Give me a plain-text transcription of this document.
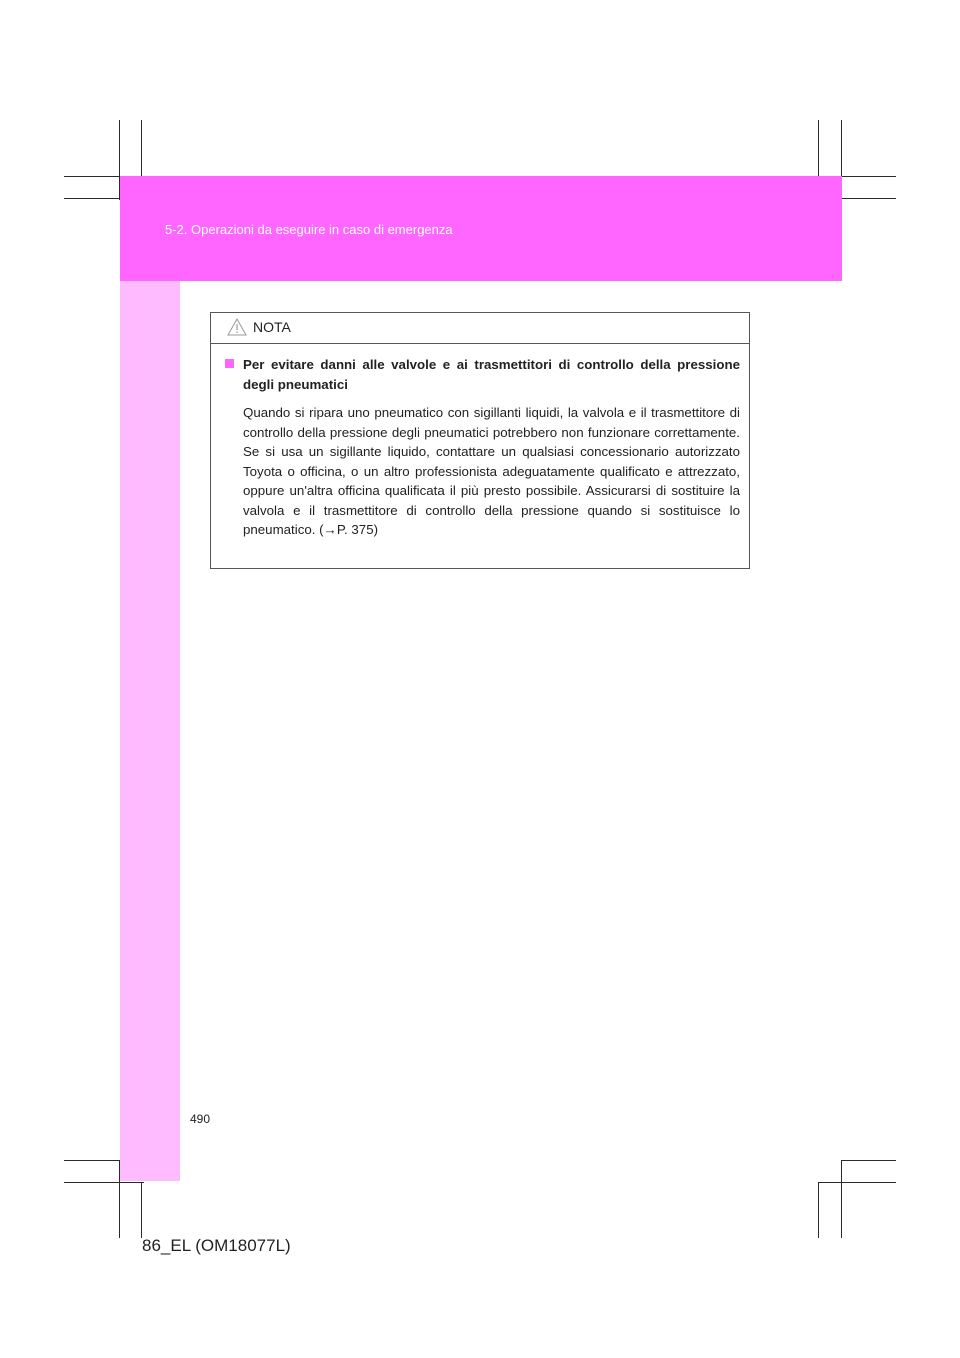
5-2. Operazioni da eseguire in caso di emergenza
NOTA
Per evitare danni alle valvole e ai trasmettitori di controllo della pressione degli pneumatici

Quando si ripara uno pneumatico con sigillanti liquidi, la valvola e il trasmettitore di controllo della pressione degli pneumatici potrebbero non funzionare correttamente. Se si usa un sigillante liquido, contattare un qualsiasi concessionario autorizzato Toyota o officina, o un altro professionista adeguatamente qualificato e attrezzato, oppure un'altra officina qualificata il più presto possibile. Assicurarsi di sostituire la valvola e il trasmettitore di controllo della pressione quando si sostituisce lo pneumatico. (→P. 375)

490
86_EL (OM18077L)
